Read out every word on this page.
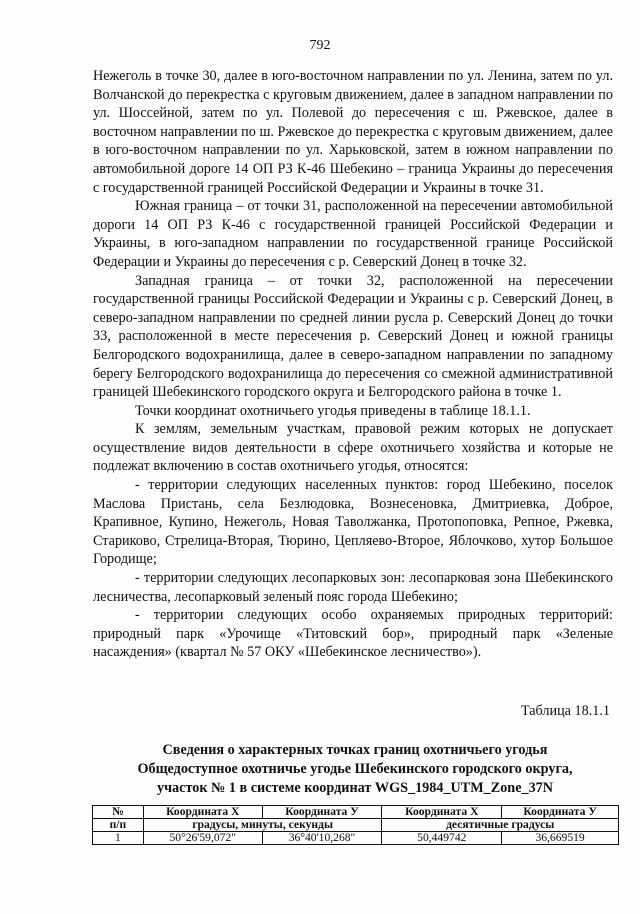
792

Нежеголь в точке 30, далее в юго-восточном направлении по ул. Ленина, затем по ул. Волчанской до перекрестка с круговым движением, далее в западном направлении по ул. Шоссейной, затем по ул. Полевой до пересечения с ш. Ржевское, далее в восточном направлении по ш. Ржевское до перекрестка с круговым движением, далее в юго-восточном направлении по ул. Харьковской, затем в южном направлении по автомобильной дороге 14 ОП РЗ К-46 Шебекино – граница Украины до пересечения с государственной границей Российской Федерации и Украины в точке 31.

Южная граница – от точки 31, расположенной на пересечении автомобильной дороги 14 ОП РЗ К-46 с государственной границей Российской Федерации и Украины, в юго-западном направлении по государственной границе Российской Федерации и Украины до пересечения с р. Северский Донец в точке 32.

Западная граница – от точки 32, расположенной на пересечении государственной границы Российской Федерации и Украины с р. Северский Донец, в северо-западном направлении по средней линии русла р. Северский Донец до точки 33, расположенной в месте пересечения р. Северский Донец и южной границы Белгородского водохранилища, далее в северо-западном направлении по западному берегу Белгородского водохранилища до пересечения со смежной административной границей Шебекинского городского округа и Белгородского района в точке 1.

Точки координат охотничьего угодья приведены в таблице 18.1.1.

К землям, земельным участкам, правовой режим которых не допускает осуществление видов деятельности в сфере охотничьего хозяйства и которые не подлежат включению в состав охотничьего угодья, относятся:

- территории следующих населенных пунктов: город Шебекино, поселок Маслова Пристань, села Безлюдовка, Вознесеновка, Дмитриевка, Доброе, Крапивное, Купино, Нежеголь, Новая Таволжанка, Протопоповка, Репное, Ржевка, Стариково, Стрелица-Вторая, Тюрино, Цепляево-Второе, Яблочково, хутор Большое Городище;

- территории следующих лесопарковых зон: лесопарковая зона Шебекинского лесничества, лесопарковый зеленый пояс города Шебекино;

- территории следующих особо охраняемых природных территорий: природный парк «Урочище «Титовский бор», природный парк «Зеленые насаждения» (квартал № 57 ОКУ «Шебекинское лесничество»).

Таблица 18.1.1
Сведения о характерных точках границ охотничьего угодья
Общедоступное охотничье угодье Шебекинского городского округа,
участок № 1 в системе координат WGS_1984_UTM_Zone_37N
№	Координата X	Координата У	Координата X	Координата У
п/п	градусы, минуты, секунды		десятичные градусы	
1	50°26'59,072"	36°40'10,268"	50,449742	36,669519
